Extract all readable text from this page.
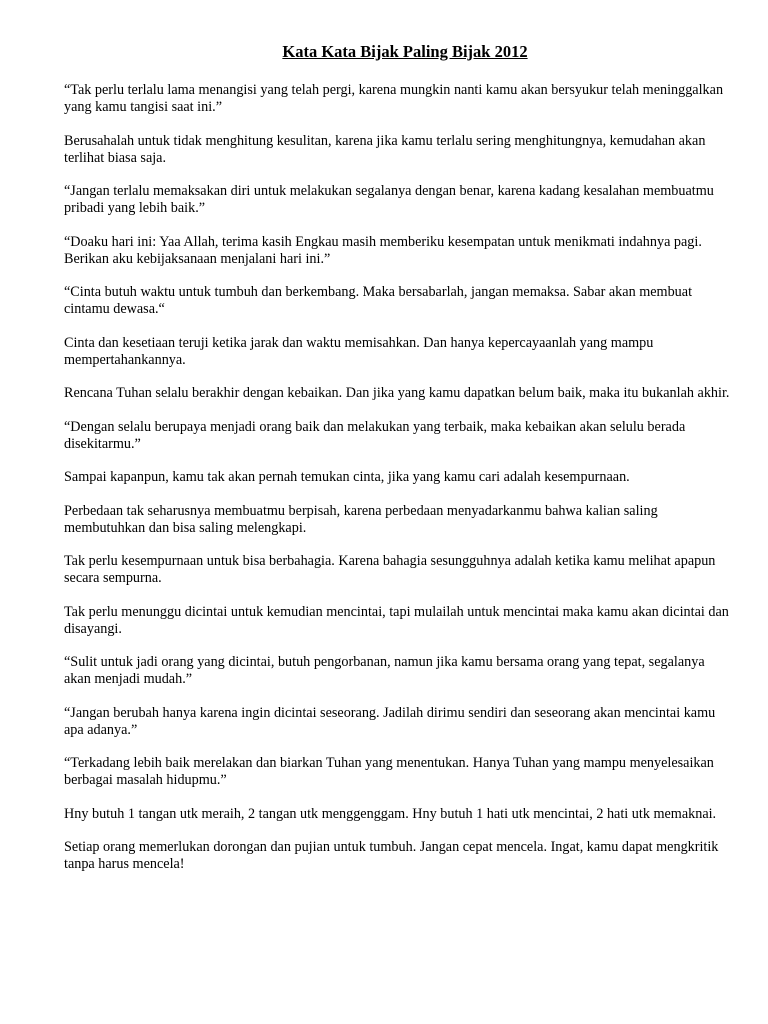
Kata Kata Bijak Paling Bijak 2012

“Tak perlu terlalu lama menangisi yang telah pergi, karena mungkin nanti kamu akan bersyukur telah meninggalkan yang kamu tangisi saat ini.”

Berusahalah untuk tidak menghitung kesulitan, karena jika kamu terlalu sering menghitungnya, kemudahan akan terlihat biasa saja.

“Jangan terlalu memaksakan diri untuk melakukan segalanya dengan benar, karena kadang kesalahan membuatmu pribadi yang lebih baik.”

“Doaku hari ini: Yaa Allah, terima kasih Engkau masih memberiku kesempatan untuk menikmati indahnya pagi. Berikan aku kebijaksanaan menjalani hari ini.”

“Cinta butuh waktu untuk tumbuh dan berkembang. Maka bersabarlah, jangan memaksa. Sabar akan membuat cintamu dewasa.“

Cinta dan kesetiaan teruji ketika jarak dan waktu memisahkan. Dan hanya kepercayaanlah yang mampu mempertahankannya.

Rencana Tuhan selalu berakhir dengan kebaikan. Dan jika yang kamu dapatkan belum baik, maka itu bukanlah akhir.

“Dengan selalu berupaya menjadi orang baik dan melakukan yang terbaik, maka kebaikan akan selulu berada disekitarmu.”

Sampai kapanpun, kamu tak akan pernah temukan cinta, jika yang kamu cari adalah kesempurnaan.

Perbedaan tak seharusnya membuatmu berpisah, karena perbedaan menyadarkanmu bahwa kalian saling membutuhkan dan bisa saling melengkapi.

Tak perlu kesempurnaan untuk bisa berbahagia. Karena bahagia sesungguhnya adalah ketika kamu melihat apapun secara sempurna.

Tak perlu menunggu dicintai untuk kemudian mencintai, tapi mulailah untuk mencintai maka kamu akan dicintai dan disayangi.

“Sulit untuk jadi orang yang dicintai, butuh pengorbanan, namun jika kamu bersama orang yang tepat, segalanya akan menjadi mudah.”

“Jangan berubah hanya karena ingin dicintai seseorang. Jadilah dirimu sendiri dan seseorang akan mencintai kamu apa adanya.”

“Terkadang lebih baik merelakan dan biarkan Tuhan yang menentukan. Hanya Tuhan yang mampu menyelesaikan berbagai masalah hidupmu.”

Hny butuh 1 tangan utk meraih, 2 tangan utk menggenggam. Hny butuh 1 hati utk mencintai, 2 hati utk memaknai.

Setiap orang memerlukan dorongan dan pujian untuk tumbuh. Jangan cepat mencela. Ingat, kamu dapat mengkritik tanpa harus mencela!
